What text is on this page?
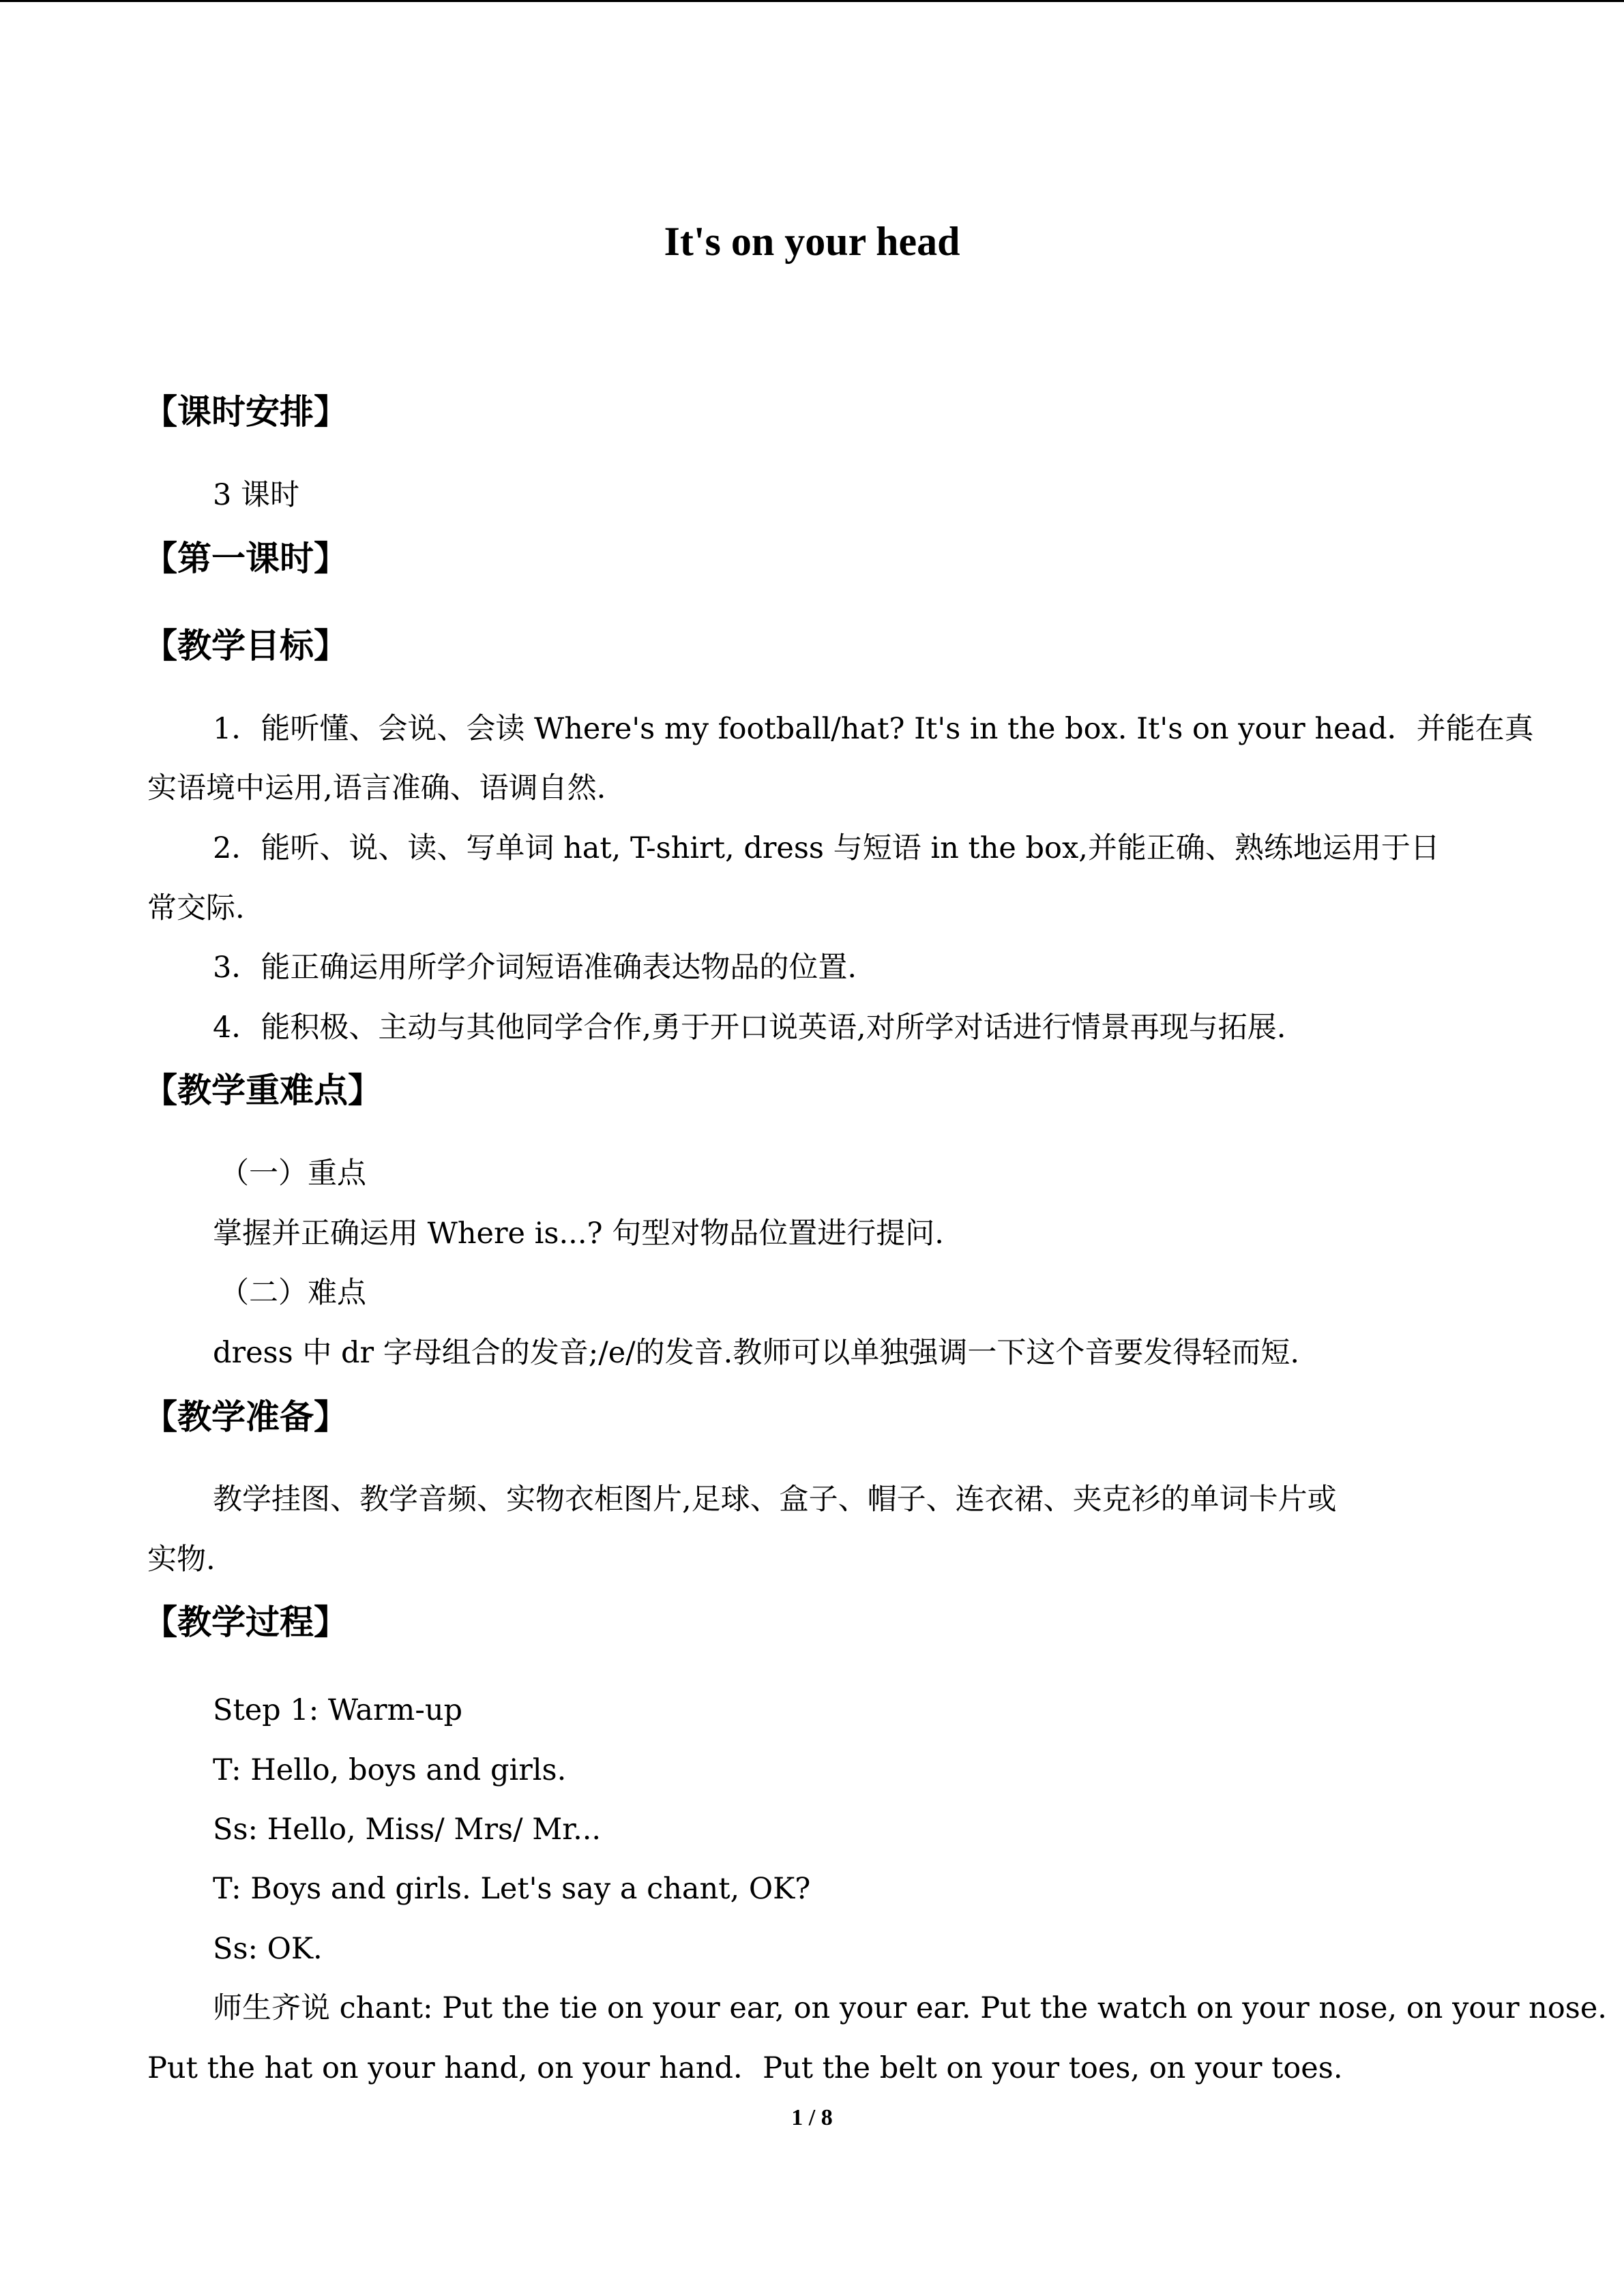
It's on your head
【课时安排】
3 课时
【第一课时】
【教学目标】
1．能听懂、会说、会读 Where's my football/hat? It's in the box. It's on your head．并能在真
实语境中运用,语言准确、语调自然.
2．能听、说、读、写单词 hat, T-shirt, dress 与短语 in the box,并能正确、熟练地运用于日
常交际.
3．能正确运用所学介词短语准确表达物品的位置.
4．能积极、主动与其他同学合作,勇于开口说英语,对所学对话进行情景再现与拓展.
【教学重难点】
（一）重点
掌握并正确运用 Where is...? 句型对物品位置进行提问.
（二）难点
dress 中 dr 字母组合的发音;/e/的发音.教师可以单独强调一下这个音要发得轻而短.
【教学准备】
教学挂图、教学音频、实物衣柜图片,足球、盒子、帽子、连衣裙、夹克衫的单词卡片或
实物.
【教学过程】
Step 1: Warm-up
T: Hello, boys and girls.
Ss: Hello, Miss/ Mrs/ Mr...
T: Boys and girls. Let's say a chant, OK?
Ss: OK.
师生齐说 chant: Put the tie on your ear, on your ear. Put the watch on your nose, on your nose.
Put the hat on your hand, on your hand．Put the belt on your toes, on your toes.
1 / 8
